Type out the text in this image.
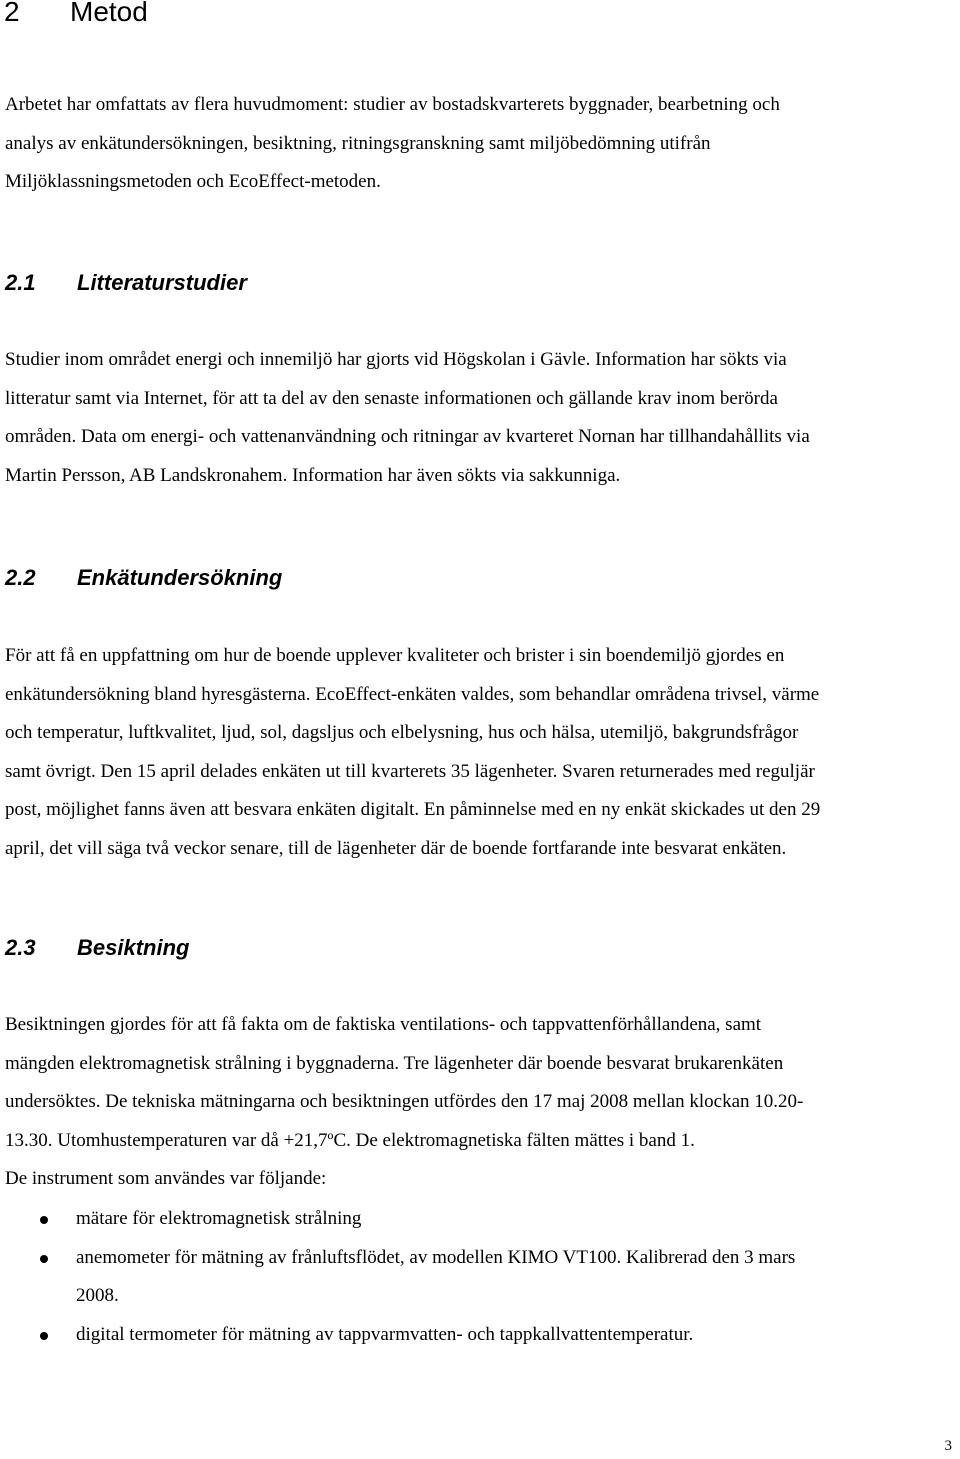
2 Metod

Arbetet har omfattats av flera huvudmoment: studier av bostadskvarterets byggnader, bearbetning och
analys av enkätundersökningen, besiktning, ritningsgranskning samt miljöbedömning utifrån
Miljöklassningsmetoden och EcoEffect-metoden.

2.1 Litteraturstudier

Studier inom området energi och innemiljö har gjorts vid Högskolan i Gävle. Information har sökts via
litteratur samt via Internet, för att ta del av den senaste informationen och gällande krav inom berörda
områden. Data om energi- och vattenanvändning och ritningar av kvarteret Nornan har tillhandahållits via
Martin Persson, AB Landskronahem. Information har även sökts via sakkunniga.

2.2 Enkätundersökning

För att få en uppfattning om hur de boende upplever kvaliteter och brister i sin boendemiljö gjordes en
enkätundersökning bland hyresgästerna. EcoEffect-enkäten valdes, som behandlar områdena trivsel, värme
och temperatur, luftkvalitet, ljud, sol, dagsljus och elbelysning, hus och hälsa, utemiljö, bakgrundsfrågor
samt övrigt. Den 15 april delades enkäten ut till kvarterets 35 lägenheter. Svaren returnerades med reguljär
post, möjlighet fanns även att besvara enkäten digitalt. En påminnelse med en ny enkät skickades ut den 29
april, det vill säga två veckor senare, till de lägenheter där de boende fortfarande inte besvarat enkäten.

2.3 Besiktning

Besiktningen gjordes för att få fakta om de faktiska ventilations- och tappvattenförhållandena, samt
mängden elektromagnetisk strålning i byggnaderna. Tre lägenheter där boende besvarat brukarenkäten
undersöktes. De tekniska mätningarna och besiktningen utfördes den 17 maj 2008 mellan klockan 10.20-
13.30. Utomhustemperaturen var då +21,7ºC. De elektromagnetiska fälten mättes i band 1.
De instrument som användes var följande:

mätare för elektromagnetisk strålning
anemometer för mätning av frånluftsflödet, av modellen KIMO VT100. Kalibrerad den 3 mars
2008.
digital termometer för mätning av tappvarmvatten- och tappkallvattentemperatur.
3
